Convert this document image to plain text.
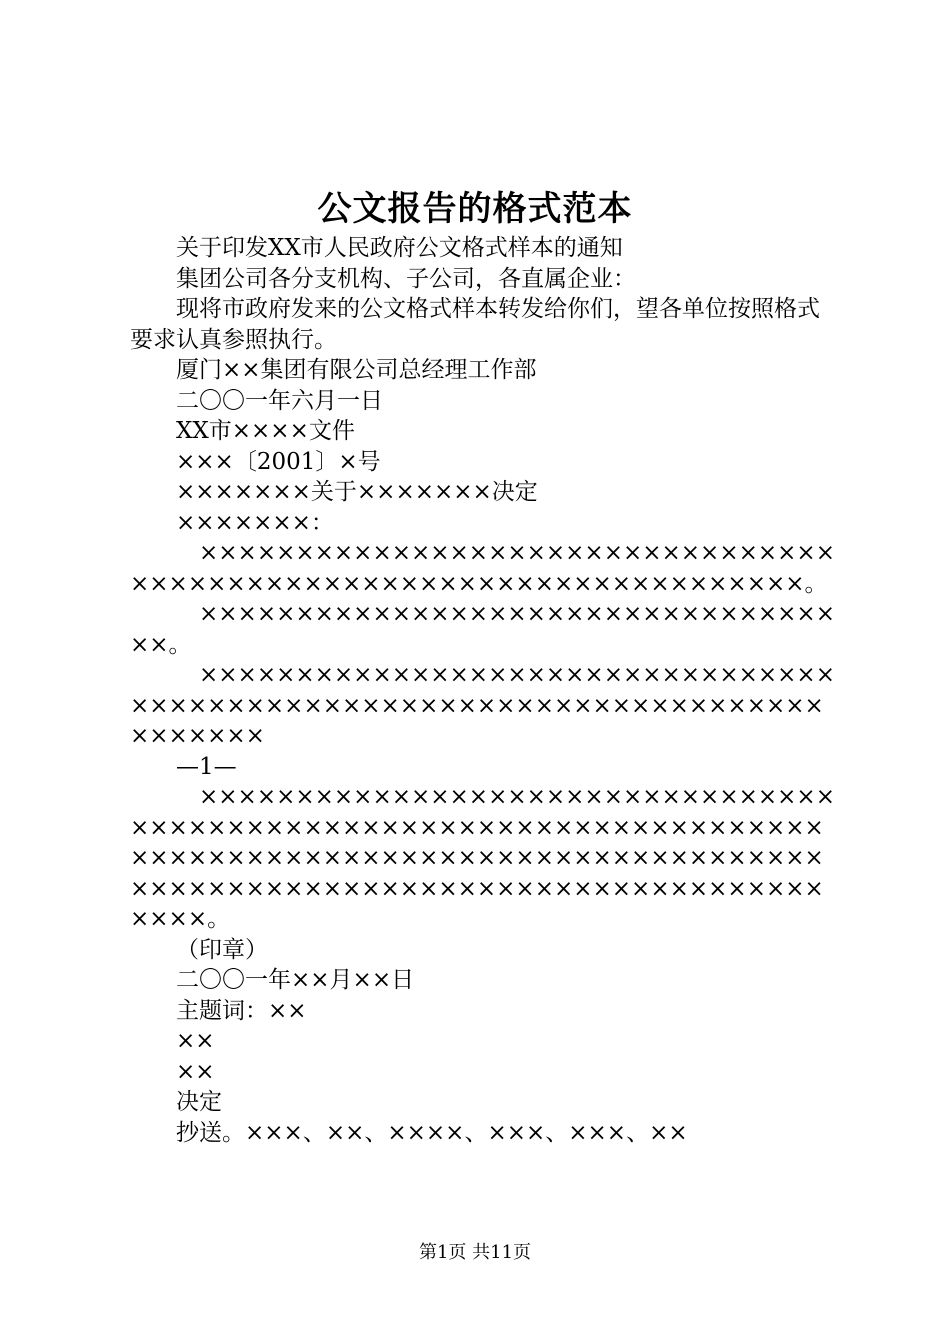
公文报告的格式范本

关于印发XX市人民政府公文格式样本的通知

集团公司各分支机构、子公司，各直属企业：

现将市政府发来的公文格式样本转发给你们，望各单位按照格式要求认真参照执行。

厦门××集团有限公司总经理工作部

二〇〇一年六月一日

XX市××××文件

×××〔2001〕×号

×××××××关于×××××××决定

×××××××：

××××××××××××××××××××××××××××××××××××××××××××××××××××××××××××××××××××。

×××××××××××××××××××××××××××××××××××。

××××××××××××××××××××××××××××××××××××××××××××××××××××××××××××××××××××××××××××

—1—

×××××××××××××××××××××××××××××××××××××××××××××××××××××××××××××××××××××××××××××××××××××××××××××××××××××××××××××××××××××××××××××××××××××××××××××××××。

（印章）

二〇〇一年××月××日

主题词：××

××

××

决定

抄送。×××、××、××××、×××、×××、××

第1页 共11页
